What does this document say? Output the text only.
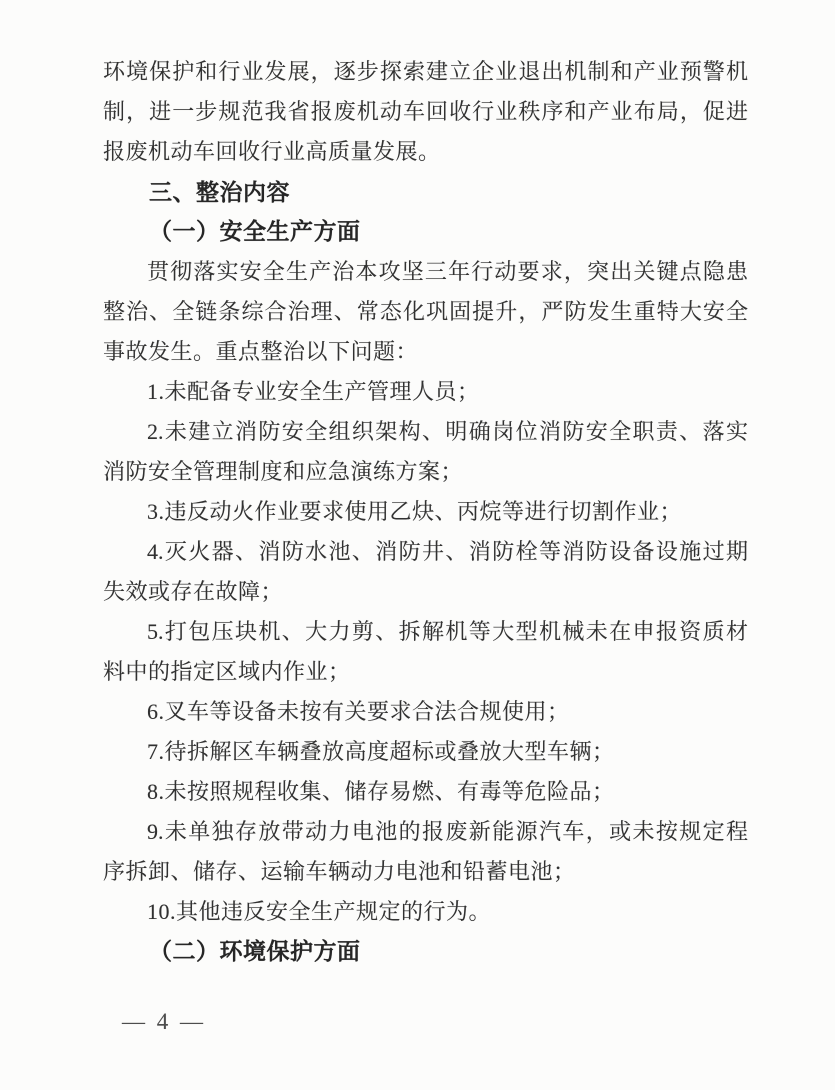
环境保护和行业发展，逐步探索建立企业退出机制和产业预警机
制，进一步规范我省报废机动车回收行业秩序和产业布局，促进
报废机动车回收行业高质量发展。
三、整治内容
（一）安全生产方面
贯彻落实安全生产治本攻坚三年行动要求，突出关键点隐患
整治、全链条综合治理、常态化巩固提升，严防发生重特大安全
事故发生。重点整治以下问题：
1.未配备专业安全生产管理人员；
2.未建立消防安全组织架构、明确岗位消防安全职责、落实
消防安全管理制度和应急演练方案；
3.违反动火作业要求使用乙炔、丙烷等进行切割作业；
4.灭火器、消防水池、消防井、消防栓等消防设备设施过期
失效或存在故障；
5.打包压块机、大力剪、拆解机等大型机械未在申报资质材
料中的指定区域内作业；
6.叉车等设备未按有关要求合法合规使用；
7.待拆解区车辆叠放高度超标或叠放大型车辆；
8.未按照规程收集、储存易燃、有毒等危险品；
9.未单独存放带动力电池的报废新能源汽车，或未按规定程
序拆卸、储存、运输车辆动力电池和铅蓄电池；
10.其他违反安全生产规定的行为。
（二）环境保护方面
— 4 —
